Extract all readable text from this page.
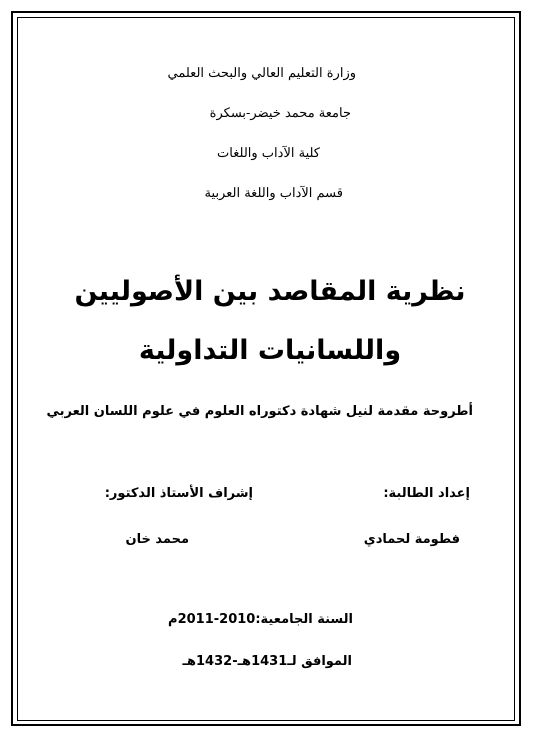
وزارة التعليم العالي والبحث العلمي
جامعة محمد خيضر-بسكرة
كلية الآداب واللغات
قسم الآداب واللغة العربية
نظرية المقاصد بين الأصوليين
واللسانيات التداولية
أطروحة مقدمة لنيل شهادة دكتوراه العلوم في علوم اللسان العربي
إعداد الطالبة:
إشراف الأستاذ الدكتور:
فطومة لحمادي
محمد خان
السنة الجامعية:2010-2011م
الموافق لـ1431هـ-1432هـ
